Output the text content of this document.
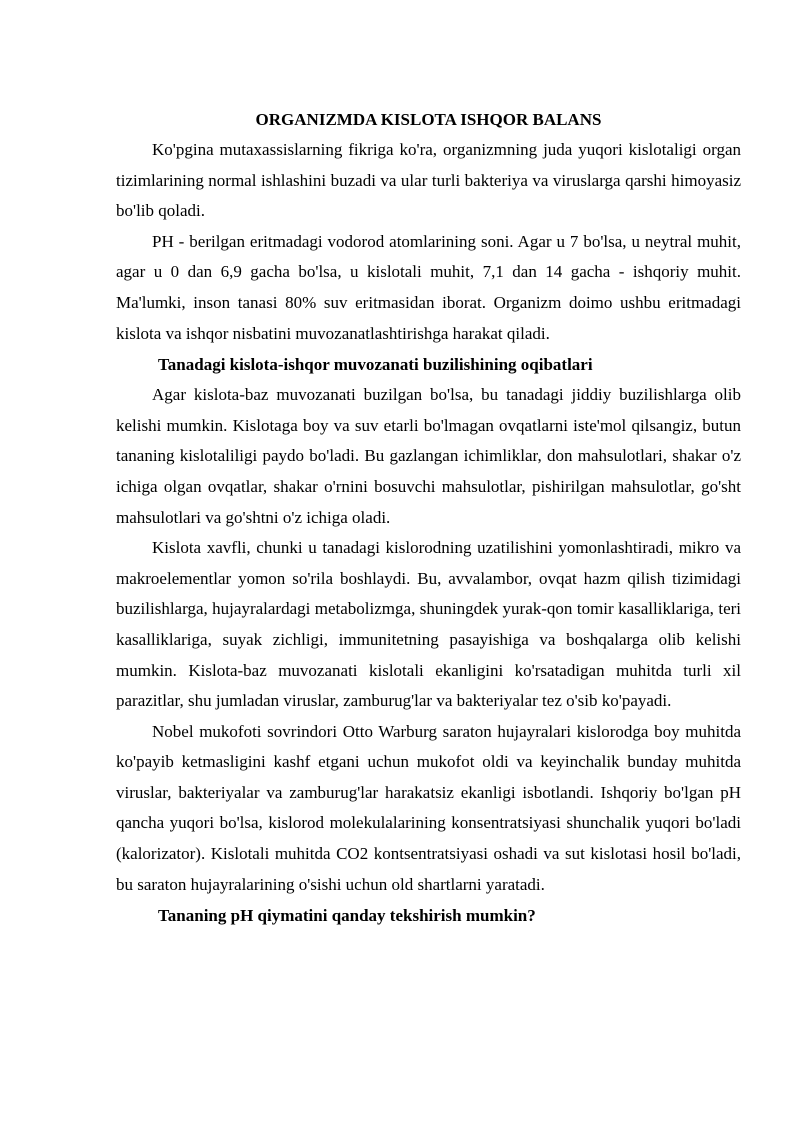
ORGANIZMDA KISLOTA ISHQOR BALANS

Ko'pgina mutaxassislarning fikriga ko'ra, organizmning juda yuqori kislotaligi organ tizimlarining normal ishlashini buzadi va ular turli bakteriya va viruslarga qarshi himoyasiz bo'lib qoladi.

PH - berilgan eritmadagi vodorod atomlarining soni. Agar u 7 bo'lsa, u neytral muhit, agar u 0 dan 6,9 gacha bo'lsa, u kislotali muhit, 7,1 dan 14 gacha - ishqoriy muhit. Ma'lumki, inson tanasi 80% suv eritmasidan iborat. Organizm doimo ushbu eritmadagi kislota va ishqor nisbatini muvozanatlashtirishga harakat qiladi.

Tanadagi kislota-ishqor muvozanati buzilishining oqibatlari

Agar kislota-baz muvozanati buzilgan bo'lsa, bu tanadagi jiddiy buzilishlarga olib kelishi mumkin. Kislotaga boy va suv etarli bo'lmagan ovqatlarni iste'mol qilsangiz, butun tananing kislotaliligi paydo bo'ladi. Bu gazlangan ichimliklar, don mahsulotlari, shakar o'z ichiga olgan ovqatlar, shakar o'rnini bosuvchi mahsulotlar, pishirilgan mahsulotlar, go'sht mahsulotlari va go'shtni o'z ichiga oladi.

Kislota xavfli, chunki u tanadagi kislorodning uzatilishini yomonlashtiradi, mikro va makroelementlar yomon so'rila boshlaydi. Bu, avvalambor, ovqat hazm qilish tizimidagi buzilishlarga, hujayralardagi metabolizmga, shuningdek yurak-qon tomir kasalliklariga, teri kasalliklariga, suyak zichligi, immunitetning pasayishiga va boshqalarga olib kelishi mumkin. Kislota-baz muvozanati kislotali ekanligini ko'rsatadigan muhitda turli xil parazitlar, shu jumladan viruslar, zamburug'lar va bakteriyalar tez o'sib ko'payadi.

Nobel mukofoti sovrindori Otto Warburg saraton hujayralari kislorodga boy muhitda ko'payib ketmasligini kashf etgani uchun mukofot oldi va keyinchalik bunday muhitda viruslar, bakteriyalar va zamburug'lar harakatsiz ekanligi isbotlandi. Ishqoriy bo'lgan pH qancha yuqori bo'lsa, kislorod molekulalarining konsentratsiyasi shunchalik yuqori bo'ladi (kalorizator). Kislotali muhitda CO2 kontsentratsiyasi oshadi va sut kislotasi hosil bo'ladi, bu saraton hujayralarining o'sishi uchun old shartlarni yaratadi.

Tananing pH qiymatini qanday tekshirish mumkin?
